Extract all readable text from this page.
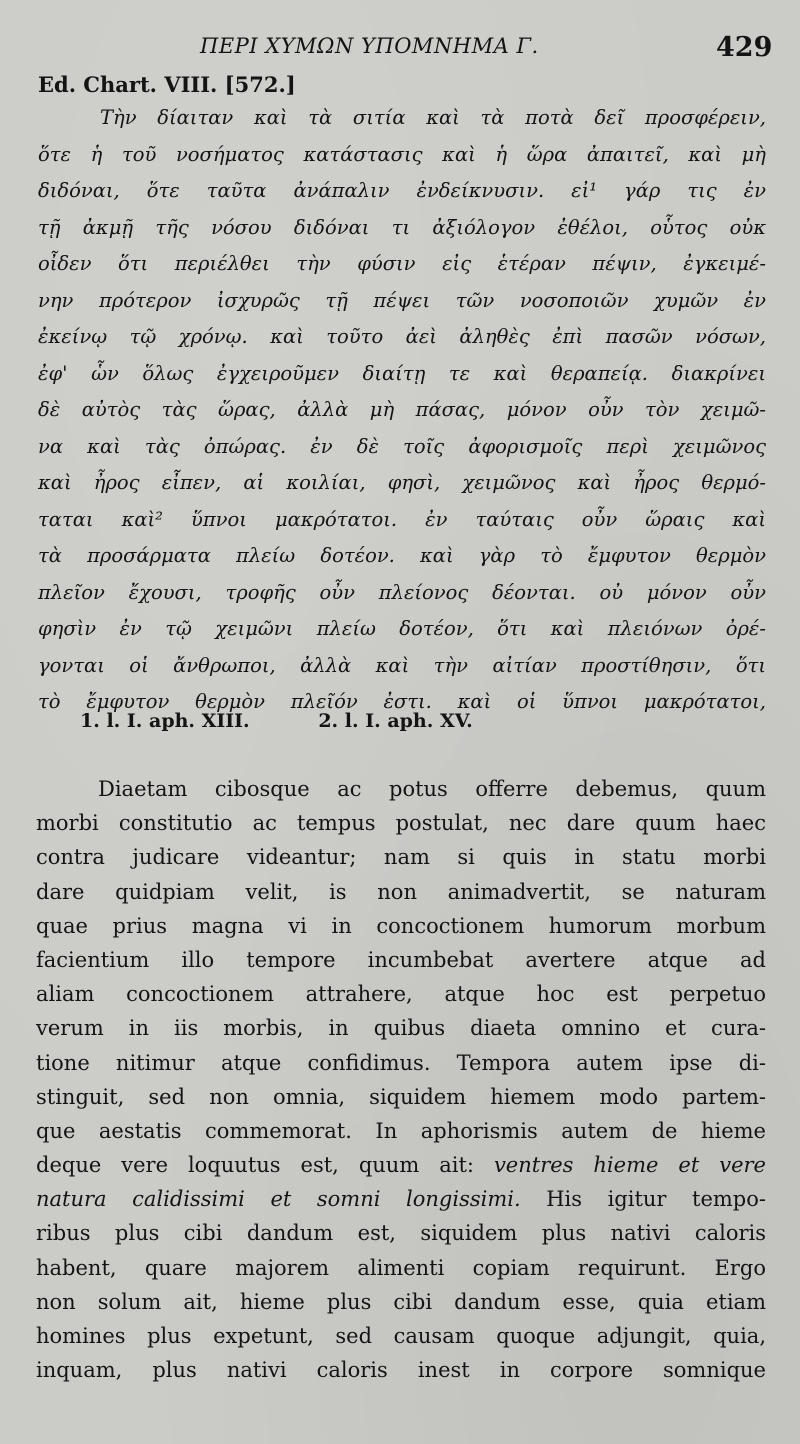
ΠΕΡΙ ΧΥΜΩΝ ΥΠΟΜΝΗΜΑ Γ.	429
Ed. Chart. VIII. [572.]
Τὴν δίαιταν καὶ τὰ σιτία καὶ τὰ ποτὰ δεῖ προσφέρειν,
ὅτε ἡ τοῦ νοσήματος κατάστασις καὶ ἡ ὥρα ἀπαιτεῖ, καὶ μὴ
διδόναι, ὅτε ταῦτα ἀνάπαλιν ἐνδείκνυσιν. εἰ¹ γάρ τις ἐν
τῇ ἀκμῇ τῆς νόσου διδόναι τι ἀξιόλογον ἐθέλοι, οὗτος οὐκ
οἶδεν ὅτι περιέλθει τὴν φύσιν εἰς ἑτέραν πέψιν, ἐγκειμέ-
νην πρότερον ἰσχυρῶς τῇ πέψει τῶν νοσοποιῶν χυμῶν ἐν
ἐκείνῳ τῷ χρόνῳ. καὶ τοῦτο ἀεὶ ἀληθὲς ἐπὶ πασῶν νόσων,
ἐφ' ὧν ὅλως ἐγχειροῦμεν διαίτῃ τε καὶ θεραπείᾳ. διακρίνει
δὲ αὐτὸς τὰς ὥρας, ἀλλὰ μὴ πάσας, μόνον οὖν τὸν χειμῶ-
να καὶ τὰς ὀπώρας. ἐν δὲ τοῖς ἀφορισμοῖς περὶ χειμῶνος
καὶ ἦρος εἶπεν, αἱ κοιλίαι, φησὶ, χειμῶνος καὶ ἦρος θερμό-
ταται καὶ² ὕπνοι μακρότατοι. ἐν ταύταις οὖν ὥραις καὶ
τὰ προσάρματα πλείω δοτέον. καὶ γὰρ τὸ ἔμφυτον θερμὸν
πλεῖον ἔχουσι, τροφῆς οὖν πλείονος δέονται. οὐ μόνον οὖν
φησὶν ἐν τῷ χειμῶνι πλείω δοτέον, ὅτι καὶ πλειόνων ὀρέ-
γονται οἱ ἄνθρωποι, ἀλλὰ καὶ τὴν αἰτίαν προστίθησιν, ὅτι
τὸ ἔμφυτον θερμὸν πλεῖόν ἐστι. καὶ οἱ ὕπνοι μακρότατοι,
1. l. I. aph. XIII.	2. l. I. aph. XV.
Diaetam cibosque ac potus offerre debemus, quum
morbi constitutio ac tempus postulat, nec dare quum haec
contra judicare videantur; nam si quis in statu morbi
dare quidpiam velit, is non animadvertit, se naturam
quae prius magna vi in concoctionem humorum morbum
facientium illo tempore incumbebat avertere atque ad
aliam concoctionem attrahere, atque hoc est perpetuo
verum in iis morbis, in quibus diaeta omnino et cura-
tione nitimur atque confidimus. Tempora autem ipse di-
stinguit, sed non omnia, siquidem hiemem modo partem-
que aestatis commemorat. In aphorismis autem de hieme
deque vere loquutus est, quum ait: ventres hieme et vere
natura calidissimi et somni longissimi. His igitur tempo-
ribus plus cibi dandum est, siquidem plus nativi caloris
habent, quare majorem alimenti copiam requirunt. Ergo
non solum ait, hieme plus cibi dandum esse, quia etiam
homines plus expetunt, sed causam quoque adjungit, quia,
inquam, plus nativi caloris inest in corpore somnique
